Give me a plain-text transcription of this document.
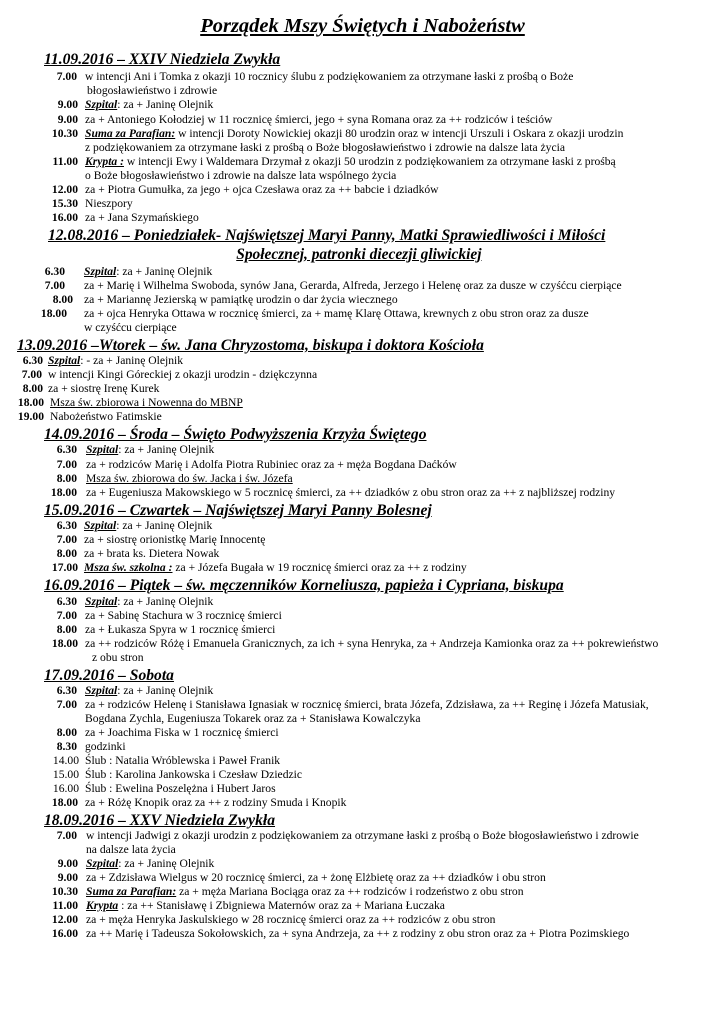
Porządek Mszy Świętych i Nabożeństw
11.09.2016 – XXIV Niedziela Zwykła
7.00 w intencji Ani i Tomka z okazji 10 rocznicy ślubu z podziękowaniem za otrzymane łaski z prośbą o Boże
błogosławieństwo i zdrowie
9.00 Szpital: za + Janinę Olejnik
9.00 za + Antoniego Kołodziej w 11 rocznicę śmierci, jego + syna Romana oraz za ++ rodziców i teściów
10.30 Suma za Parafian: w intencji Doroty Nowickiej okazji 80 urodzin oraz w intencji Urszuli i Oskara z okazji urodzin
z podziękowaniem za otrzymane łaski z prośbą o Boże błogosławieństwo i zdrowie na dalsze lata życia
11.00 Krypta : w intencji Ewy i Waldemara Drzymał z okazji 50 urodzin z podziękowaniem za otrzymane łaski z prośbą
o Boże błogosławieństwo i zdrowie na dalsze lata wspólnego życia
12.00 za + Piotra Gumułka, za jego + ojca Czesława oraz za ++ babcie i dziadków
15.30 Nieszpory
16.00 za + Jana Szymańskiego
12.08.2016 – Poniedziałek- Najświętszej Maryi Panny, Matki Sprawiedliwości i Miłości
Społecznej, patronki diecezji gliwickiej
6.30 Szpital: za + Janinę Olejnik
7.00 za + Marię i Wilhelma Swoboda, synów Jana, Gerarda, Alfreda, Jerzego i Helenę oraz za dusze w czyśćcu cierpiące
8.00 za + Mariannę Jezierską w pamiątkę urodzin o dar życia wiecznego
18.00 za + ojca Henryka Ottawa w rocznicę śmierci, za + mamę Klarę Ottawa, krewnych z obu stron oraz za dusze
w czyśćcu cierpiące
13.09.2016 –Wtorek – św. Jana Chryzostoma, biskupa i doktora Kościoła
6.30 Szpital: - za + Janinę Olejnik
7.00 w intencji Kingi Góreckiej z okazji urodzin - dziękczynna
8.00 za + siostrę Irenę Kurek
18.00 Msza św. zbiorowa i Nowenna do MBNP
19.00 Nabożeństwo Fatimskie
14.09.2016 – Środa – Święto Podwyższenia Krzyża Świętego
6.30 Szpital: za + Janinę Olejnik
7.00 za + rodziców Marię i Adolfa Piotra Rubiniec oraz za + męża Bogdana Daćków
8.00 Msza św. zbiorowa do św. Jacka i św. Józefa
18.00 za + Eugeniusza Makowskiego w 5 rocznicę śmierci, za ++ dziadków z obu stron oraz za ++ z najbliższej rodziny
15.09.2016 – Czwartek – Najświętszej Maryi Panny Bolesnej
6.30 Szpital: za + Janinę Olejnik
7.00 za + siostrę orionistkę Marię Innocentę
8.00 za + brata ks. Dietera Nowak
17.00 Msza św. szkolna : za + Józefa Bugała w 19 rocznicę śmierci oraz za ++ z rodziny
16.09.2016 – Piątek – św. męczenników Korneliusza, papieża i Cypriana, biskupa
6.30 Szpital: za + Janinę Olejnik
7.00 za + Sabinę Stachura w 3 rocznicę śmierci
8.00 za + Łukasza Spyra w 1 rocznicę śmierci
18.00 za ++ rodziców Różę i Emanuela Granicznych, za ich + syna Henryka, za + Andrzeja Kamionka oraz za ++ pokrewieństwo
z obu stron
17.09.2016 – Sobota
6.30 Szpital: za + Janinę Olejnik
7.00 za + rodziców Helenę i Stanisława Ignasiak w rocznicę śmierci, brata Józefa, Zdzisława, za ++ Reginę i Józefa Matusiak,
Bogdana Zychla, Eugeniusza Tokarek oraz za + Stanisława Kowalczyka
8.00 za + Joachima Fiska w 1 rocznicę śmierci
8.30 godzinki
14.00 Ślub : Natalia Wróblewska i Paweł Franik
15.00 Ślub : Karolina Jankowska i Czesław Dziedzic
16.00 Ślub : Ewelina Poszelężna i Hubert Jaros
18.00 za + Różę Knopik oraz za ++ z rodziny Smuda i Knopik
18.09.2016 – XXV Niedziela Zwykła
7.00 w intencji Jadwigi z okazji urodzin z podziękowaniem za otrzymane łaski z prośbą o Boże błogosławieństwo i zdrowie
na dalsze lata życia
9.00 Szpital: za + Janinę Olejnik
9.00 za + Zdzisława Wielgus w 20 rocznicę śmierci, za + żonę Elżbietę oraz za ++ dziadków i obu stron
10.30 Suma za Parafian: za + męża Mariana Bociąga oraz za ++ rodziców i rodzeństwo z obu stron
11.00 Krypta : za ++ Stanisławę i Zbigniewa Maternów oraz za + Mariana Łuczaka
12.00 za + męża Henryka Jaskulskiego w 28 rocznicę śmierci oraz za ++ rodziców z obu stron
16.00 za ++ Marię i Tadeusza Sokołowskich, za + syna Andrzeja, za ++ z rodziny z obu stron oraz za + Piotra Pozimskiego
